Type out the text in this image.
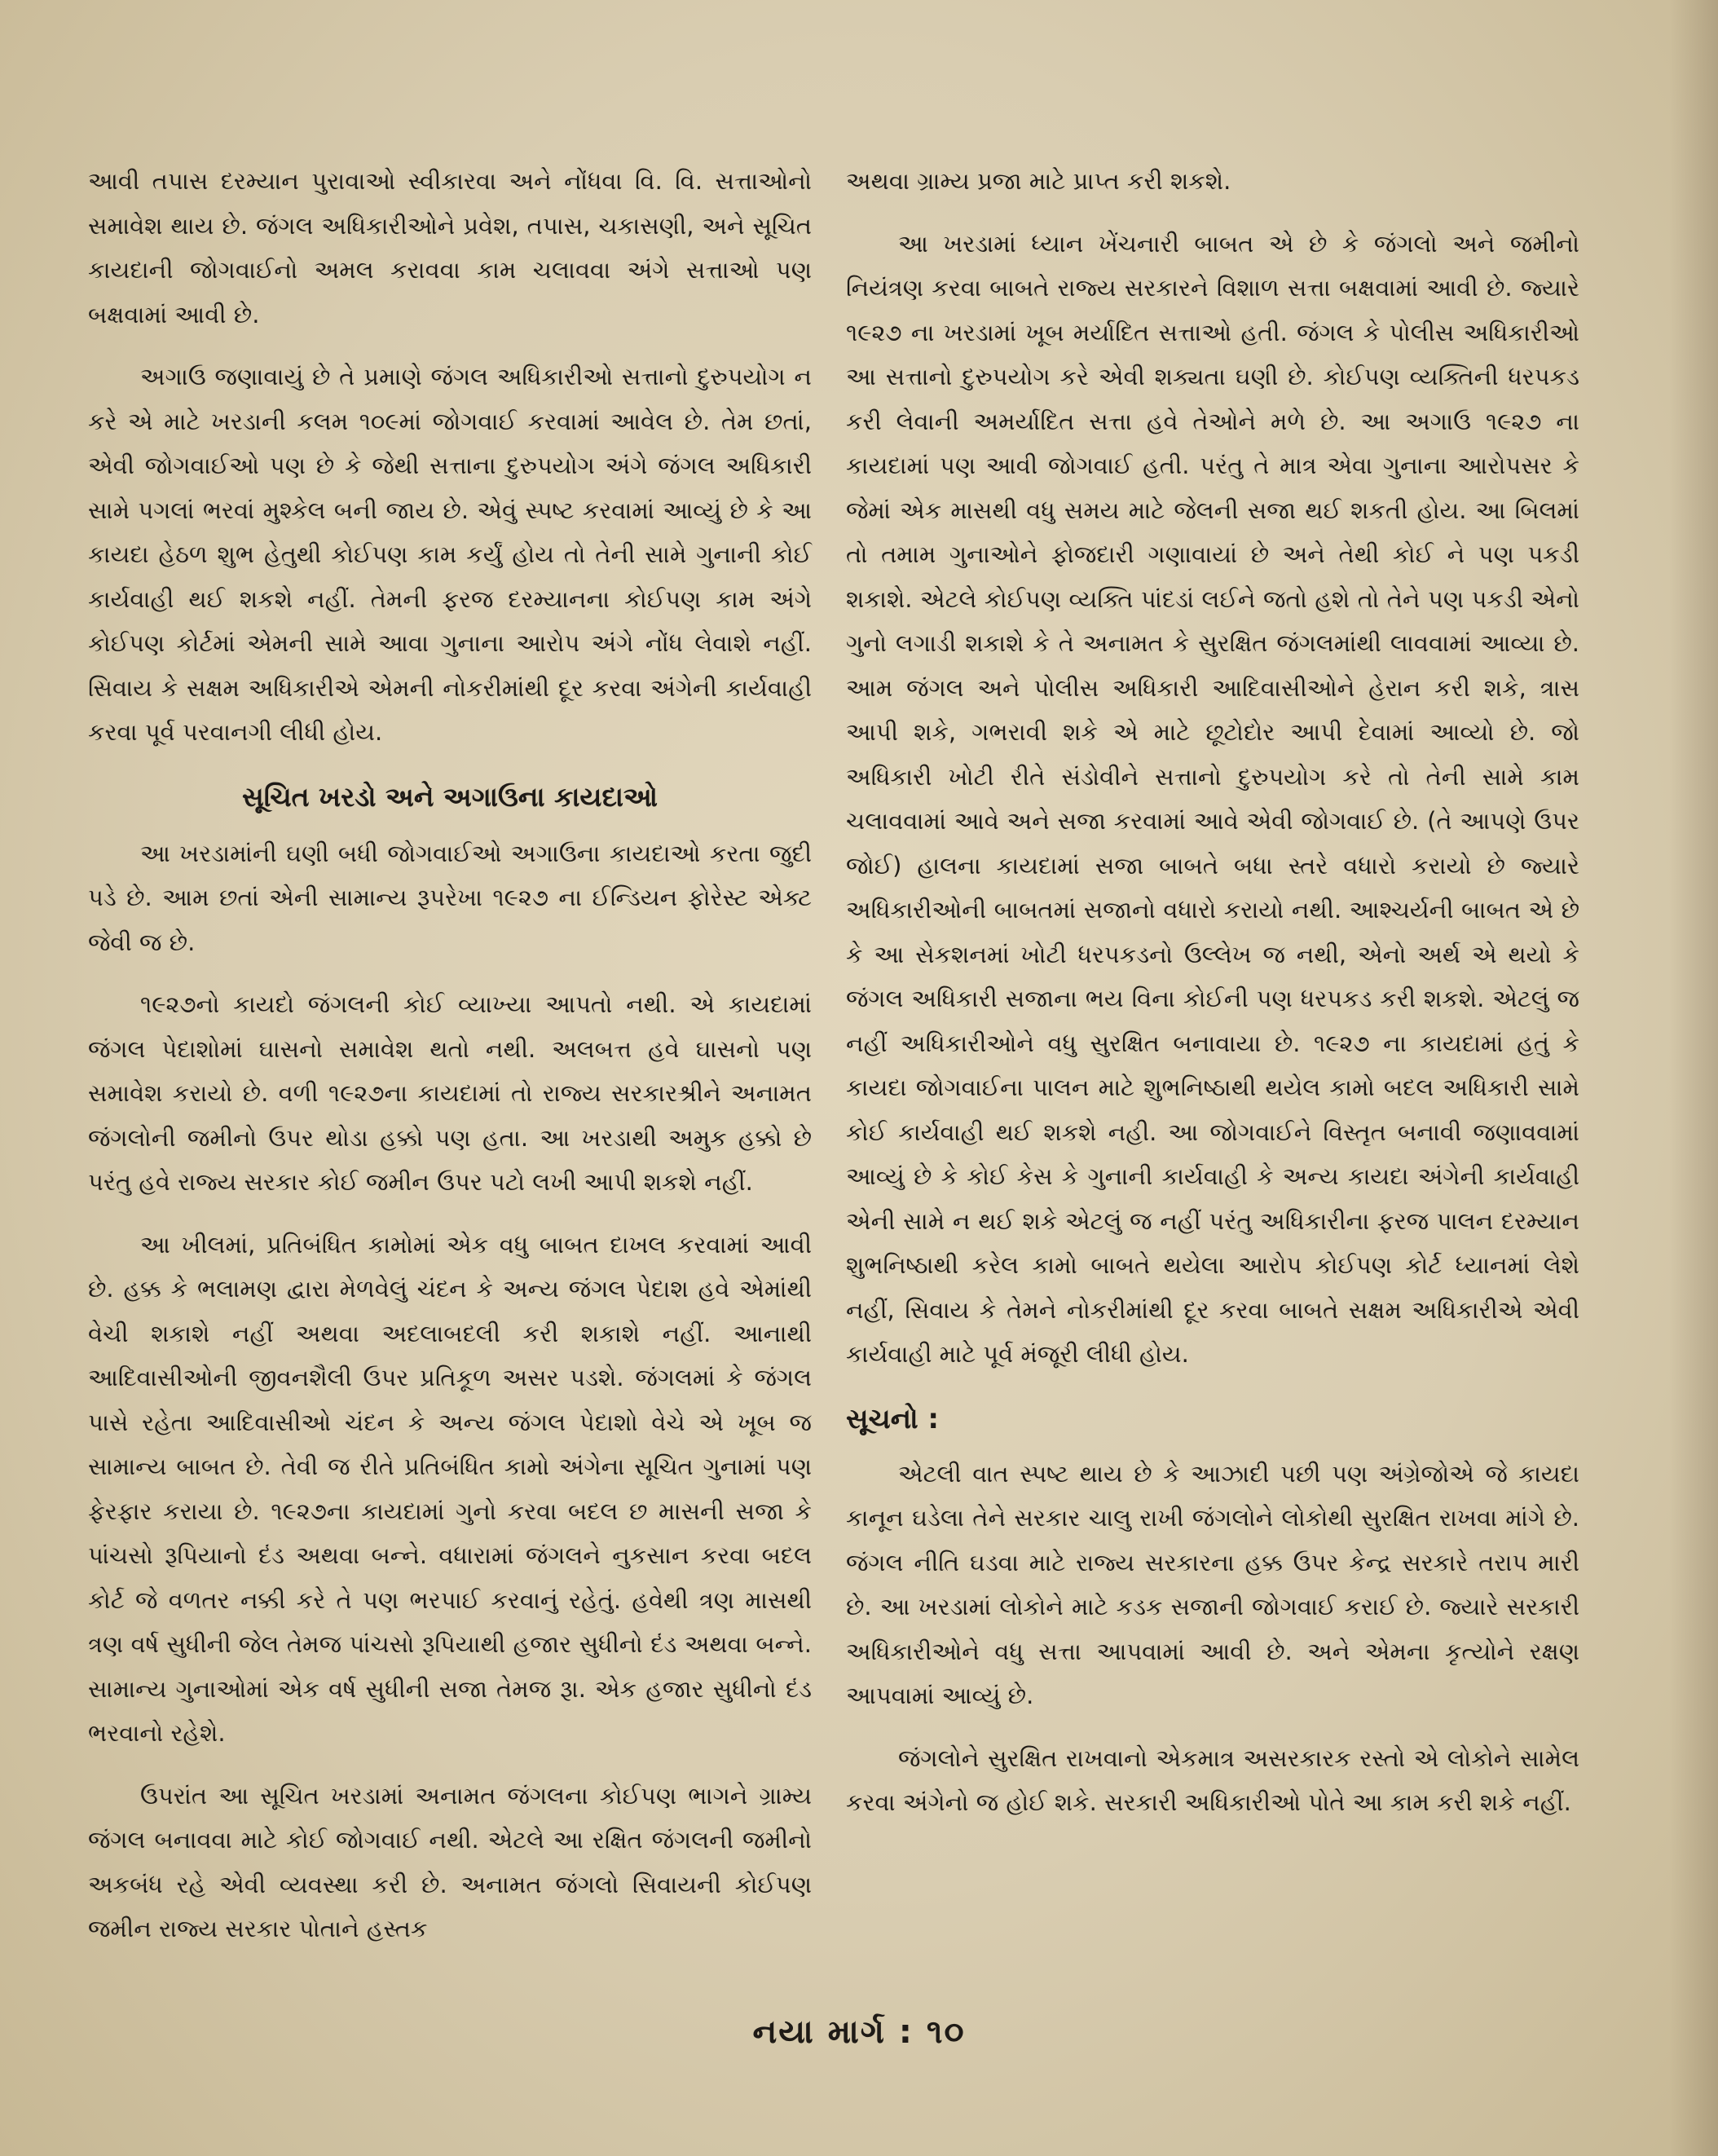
આવી તપાસ દરમ્યાન પુરાવાઓ સ્વીકારવા અને નોંધવા વિ. વિ. સત્તાઓનો સમાવેશ થાય છે. જંગલ અધિકારીઓને પ્રવેશ, તપાસ, ચકાસણી, અને સૂચિત કાયદાની જોગવાઈનો અમલ કરાવવા કામ ચલાવવા અંગે સત્તાઓ પણ બક્ષવામાં આવી છે.

અગાઉ જણાવાયું છે તે પ્રમાણે જંગલ અધિકારીઓ સત્તાનો દુરુપયોગ ન કરે એ માટે ખરડાની કલમ ૧૦૯માં જોગવાઈ કરવામાં આવેલ છે. તેમ છતાં, એવી જોગવાઈઓ પણ છે કે જેથી સત્તાના દુરુપયોગ અંગે જંગલ અધિકારી સામે પગલાં ભરવાં મુશ્કેલ બની જાય છે. એવું સ્પષ્ટ કરવામાં આવ્યું છે કે આ કાયદા હેઠળ શુભ હેતુથી કોઈપણ કામ કર્યું હોય તો તેની સામે ગુનાની કોઈ કાર્યવાહી થઈ શકશે નહીં. તેમની ફરજ દરમ્યાનના કોઈપણ કામ અંગે કોઈપણ કોર્ટમાં એમની સામે આવા ગુનાના આરોપ અંગે નોંધ લેવાશે નહીં. સિવાય કે સક્ષમ અધિકારીએ એમની નોકરીમાંથી દૂર કરવા અંગેની કાર્યવાહી કરવા પૂર્વ પરવાનગી લીધી હોય.

સૂચિત ખરડો અને અગાઉના કાયદાઓ

આ ખરડામાંની ઘણી બધી જોગવાઈઓ અગાઉના કાયદાઓ કરતા જુદી પડે છે. આમ છતાં એની સામાન્ય રૂપરેખા ૧૯૨૭ ના ઈન્ડિયન ફોરેસ્ટ એક્ટ જેવી જ છે.

૧૯૨૭નો કાયદો જંગલની કોઈ વ્યાખ્યા આપતો નથી. એ કાયદામાં જંગલ પેદાશોમાં ઘાસનો સમાવેશ થતો નથી. અલબત્ત હવે ઘાસનો પણ સમાવેશ કરાયો છે. વળી ૧૯૨૭ના કાયદામાં તો રાજ્ય સરકારશ્રીને અનામત જંગલોની જમીનો ઉપર થોડા હક્કો પણ હતા. આ ખરડાથી અમુક હક્કો છે પરંતુ હવે રાજ્ય સરકાર કોઈ જમીન ઉપર પટો લખી આપી શકશે નહીં.

આ ખીલમાં, પ્રતિબંધિત કામોમાં એક વધુ બાબત દાખલ કરવામાં આવી છે. હક્ક કે ભલામણ દ્વારા મેળવેલું ચંદન કે અન્ય જંગલ પેદાશ હવે એમાંથી વેચી શકાશે નહીં અથવા અદલાબદલી કરી શકાશે નહીં. આનાથી આદિવાસીઓની જીવનશૈલી ઉપર પ્રતિકૂળ અસર પડશે. જંગલમાં કે જંગલ પાસે રહેતા આદિવાસીઓ ચંદન કે અન્ય જંગલ પેદાશો વેચે એ ખૂબ જ સામાન્ય બાબત છે. તેવી જ રીતે પ્રતિબંધિત કામો અંગેના સૂચિત ગુનામાં પણ ફેરફાર કરાયા છે. ૧૯૨૭ના કાયદામાં ગુનો કરવા બદલ છ માસની સજા કે પાંચસો રૂપિયાનો દંડ અથવા બન્ને. વધારામાં જંગલને નુકસાન કરવા બદલ કોર્ટ જે વળતર નક્કી કરે તે પણ ભરપાઈ કરવાનું રહેતું. હવેથી ત્રણ માસથી ત્રણ વર્ષ સુધીની જેલ તેમજ પાંચસો રૂપિયાથી હજાર સુધીનો દંડ અથવા બન્ને. સામાન્ય ગુનાઓમાં એક વર્ષ સુધીની સજા તેમજ રૂા. એક હજાર સુધીનો દંડ ભરવાનો રહેશે.

ઉપરાંત આ સૂચિત ખરડામાં અનામત જંગલના કોઈપણ ભાગને ગ્રામ્ય જંગલ બનાવવા માટે કોઈ જોગવાઈ નથી. એટલે આ રક્ષિત જંગલની જમીનો અકબંધ રહે એવી વ્યવસ્થા કરી છે. અનામત જંગલો સિવાયની કોઈપણ જમીન રાજ્ય સરકાર પોતાને હસ્તક

અથવા ગ્રામ્ય પ્રજા માટે પ્રાપ્ત કરી શકશે.

આ ખરડામાં ધ્યાન ખેંચનારી બાબત એ છે કે જંગલો અને જમીનો નિયંત્રણ કરવા બાબતે રાજ્ય સરકારને વિશાળ સત્તા બક્ષવામાં આવી છે. જ્યારે ૧૯૨૭ ના ખરડામાં ખૂબ મર્યાદિત સત્તાઓ હતી. જંગલ કે પોલીસ અધિકારીઓ આ સત્તાનો દુરુપયોગ કરે એવી શક્યતા ઘણી છે. કોઈપણ વ્યક્તિની ધરપકડ કરી લેવાની અમર્યાદિત સત્તા હવે તેઓને મળે છે. આ અગાઉ ૧૯૨૭ ના કાયદામાં પણ આવી જોગવાઈ હતી. પરંતુ તે માત્ર એવા ગુનાના આરોપસર કે જેમાં એક માસથી વધુ સમય માટે જેલની સજા થઈ શકતી હોય. આ બિલમાં તો તમામ ગુનાઓને ફોજદારી ગણાવાયાં છે અને તેથી કોઈ ને પણ પકડી શકાશે. એટલે કોઈપણ વ્યક્તિ પાંદડાં લઈને જતો હશે તો તેને પણ પકડી એનો ગુનો લગાડી શકાશે કે તે અનામત કે સુરક્ષિત જંગલમાંથી લાવવામાં આવ્યા છે. આમ જંગલ અને પોલીસ અધિકારી આદિવાસીઓને હેરાન કરી શકે, ત્રાસ આપી શકે, ગભરાવી શકે એ માટે છૂટોદોર આપી દેવામાં આવ્યો છે. જો અધિકારી ખોટી રીતે સંડોવીને સત્તાનો દુરુપયોગ કરે તો તેની સામે કામ ચલાવવામાં આવે અને સજા કરવામાં આવે એવી જોગવાઈ છે. (તે આપણે ઉપર જોઈ) હાલના કાયદામાં સજા બાબતે બધા સ્તરે વધારો કરાયો છે જ્યારે અધિકારીઓની બાબતમાં સજાનો વધારો કરાયો નથી. આશ્ચર્યની બાબત એ છે કે આ સેકશનમાં ખોટી ધરપકડનો ઉલ્લેખ જ નથી, એનો અર્થ એ થયો કે જંગલ અધિકારી સજાના ભય વિના કોઈની પણ ધરપકડ કરી શકશે. એટલું જ નહીં અધિકારીઓને વધુ સુરક્ષિત બનાવાયા છે. ૧૯૨૭ ના કાયદામાં હતું કે કાયદા જોગવાઈના પાલન માટે શુભનિષ્ઠાથી થયેલ કામો બદલ અધિકારી સામે કોઈ કાર્યવાહી થઈ શકશે નહી. આ જોગવાઈને વિસ્તૃત બનાવી જણાવવામાં આવ્યું છે કે કોઈ કેસ કે ગુનાની કાર્યવાહી કે અન્ય કાયદા અંગેની કાર્યવાહી એની સામે ન થઈ શકે એટલું જ નહીં પરંતુ અધિકારીના ફરજ પાલન દરમ્યાન શુભનિષ્ઠાથી કરેલ કામો બાબતે થયેલા આરોપ કોઈપણ કોર્ટ ધ્યાનમાં લેશે નહીં, સિવાય કે તેમને નોકરીમાંથી દૂર કરવા બાબતે સક્ષમ અધિકારીએ એવી કાર્યવાહી માટે પૂર્વ મંજૂરી લીધી હોય.

સૂચનો :

એટલી વાત સ્પષ્ટ થાય છે કે આઝાદી પછી પણ અંગ્રેજોએ જે કાયદા કાનૂન ઘડેલા તેને સરકાર ચાલુ રાખી જંગલોને લોકોથી સુરક્ષિત રાખવા માંગે છે. જંગલ નીતિ ઘડવા માટે રાજ્ય સરકારના હક્ક ઉપર કેન્દ્ર સરકારે તરાપ મારી છે. આ ખરડામાં લોકોને માટે કડક સજાની જોગવાઈ કરાઈ છે. જ્યારે સરકારી અધિકારીઓને વધુ સત્તા આપવામાં આવી છે. અને એમના કૃત્યોને રક્ષણ આપવામાં આવ્યું છે.

જંગલોને સુરક્ષિત રાખવાનો એકમાત્ર અસરકારક રસ્તો એ લોકોને સામેલ કરવા અંગેનો જ હોઈ શકે. સરકારી અધિકારીઓ પોતે આ કામ કરી શકે નહીં.

નયા માર્ગ : ૧૦
